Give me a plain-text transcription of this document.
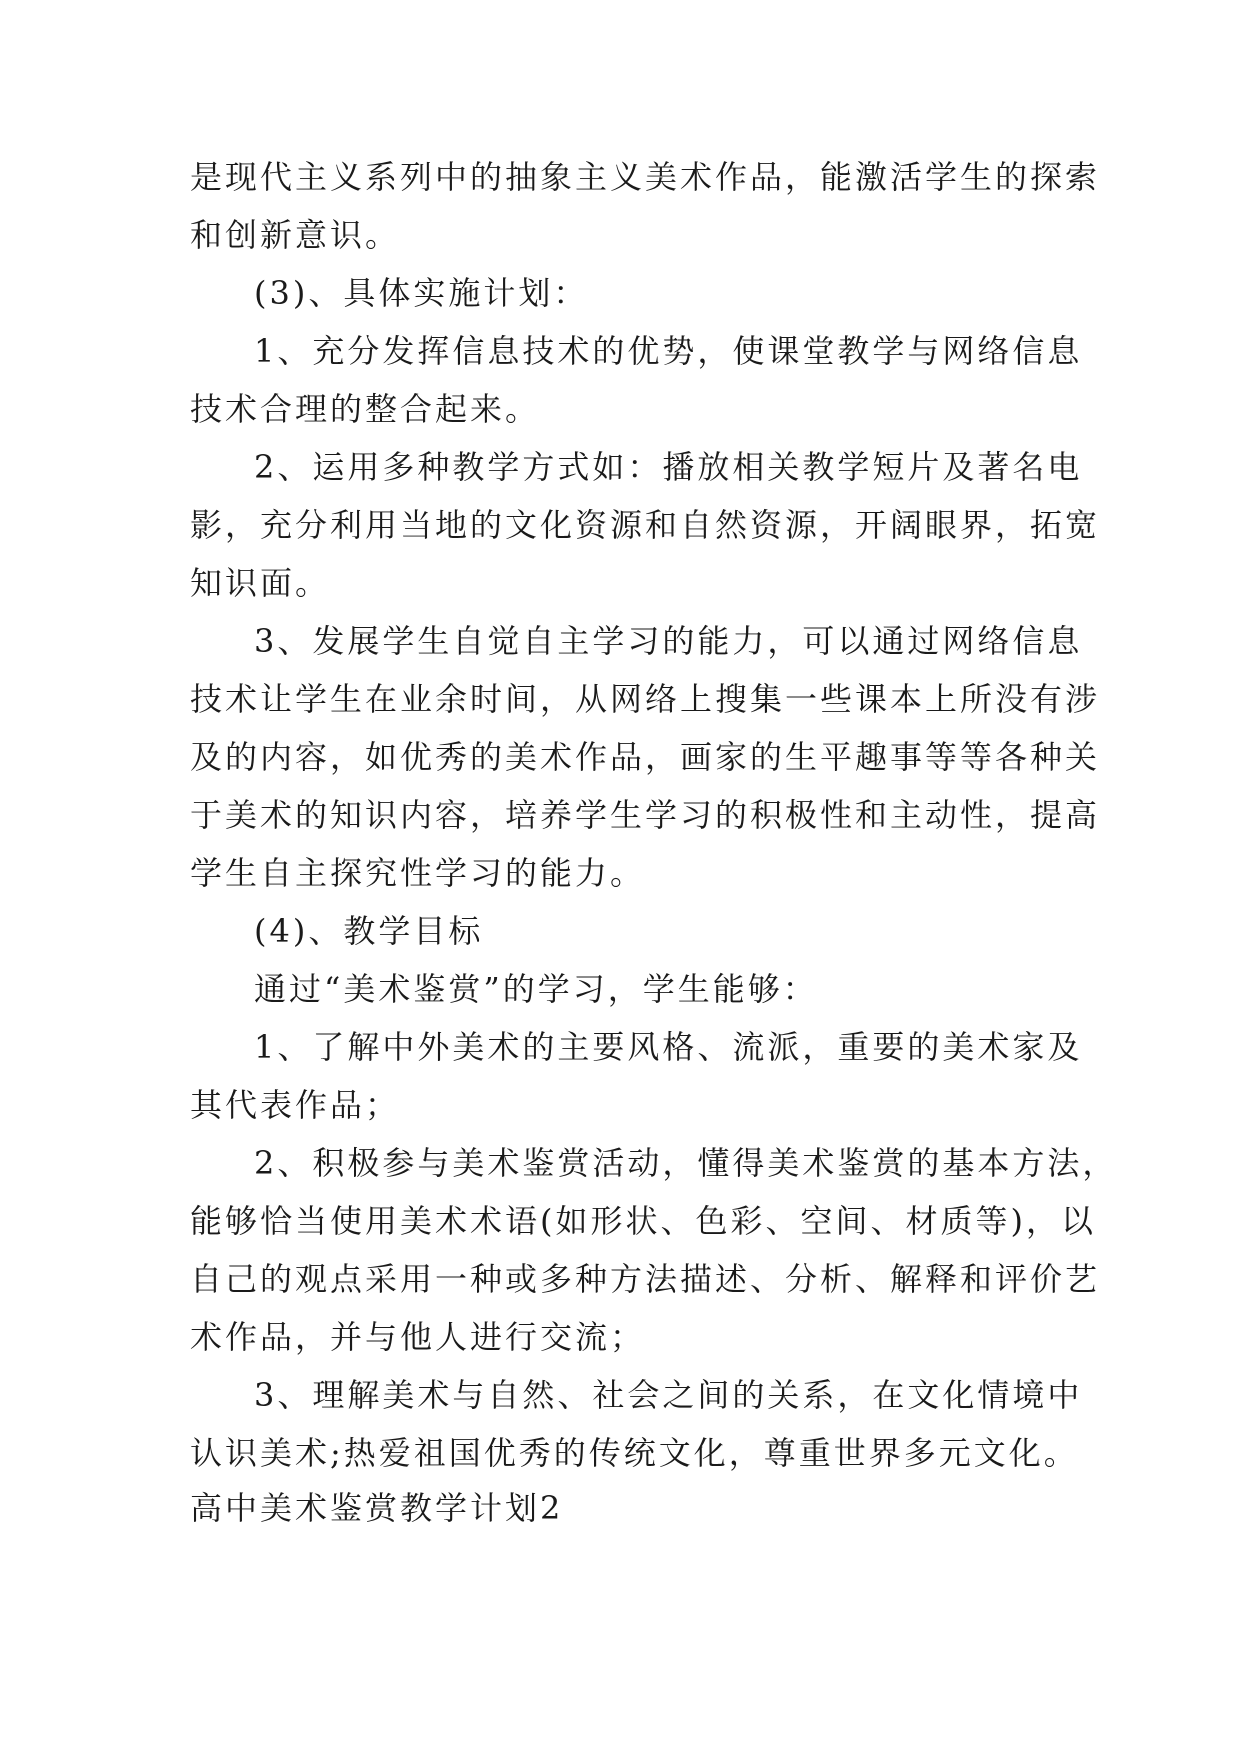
是现代主义系列中的抽象主义美术作品，能激活学生的探索
和创新意识。
(3)、具体实施计划：
1、充分发挥信息技术的优势，使课堂教学与网络信息
技术合理的整合起来。
2、运用多种教学方式如：播放相关教学短片及著名电
影，充分利用当地的文化资源和自然资源，开阔眼界，拓宽
知识面。
3、发展学生自觉自主学习的能力，可以通过网络信息
技术让学生在业余时间，从网络上搜集一些课本上所没有涉
及的内容，如优秀的美术作品，画家的生平趣事等等各种关
于美术的知识内容，培养学生学习的积极性和主动性，提高
学生自主探究性学习的能力。
(4)、教学目标
通过“美术鉴赏”的学习，学生能够：
1、了解中外美术的主要风格、流派，重要的美术家及
其代表作品；
2、积极参与美术鉴赏活动，懂得美术鉴赏的基本方法，
能够恰当使用美术术语(如形状、色彩、空间、材质等)，以
自己的观点采用一种或多种方法描述、分析、解释和评价艺
术作品，并与他人进行交流；
3、理解美术与自然、社会之间的关系，在文化情境中
认识美术;热爱祖国优秀的传统文化，尊重世界多元文化。
高中美术鉴赏教学计划2
